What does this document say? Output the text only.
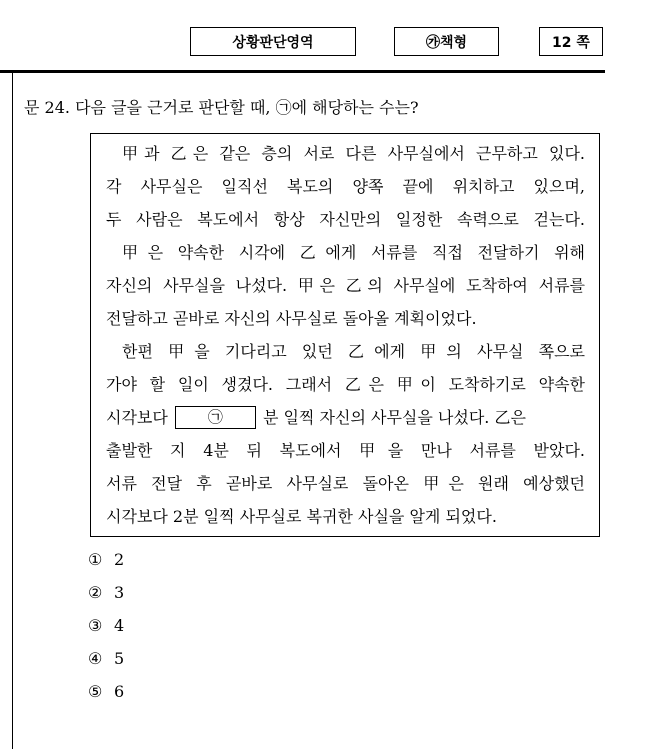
상황판단영역	㉮책형	12 쪽
문 24. 다음 글을 근거로 판단할 때, ㉠에 해당하는 수는?
甲과 乙은 같은 층의 서로 다른 사무실에서 근무하고 있다.
각 사무실은 일직선 복도의 양쪽 끝에 위치하고 있으며,
두 사람은 복도에서 항상 자신만의 일정한 속력으로 걷는다.
甲은 약속한 시각에 乙에게 서류를 직접 전달하기 위해
자신의 사무실을 나섰다. 甲은 乙의 사무실에 도착하여 서류를
전달하고 곧바로 자신의 사무실로 돌아올 계획이었다.
한편 甲을 기다리고 있던 乙에게 甲의 사무실 쪽으로
가야 할 일이 생겼다. 그래서 乙은 甲이 도착하기로 약속한
시각보다	㉠	분 일찍 자신의 사무실을 나섰다. 乙은
출발한 지 4분 뒤 복도에서 甲을 만나 서류를 받았다.
서류 전달 후 곧바로 사무실로 돌아온 甲은 원래 예상했던
시각보다 2분 일찍 사무실로 복귀한 사실을 알게 되었다.
① 2
② 3
③ 4
④ 5
⑤ 6
